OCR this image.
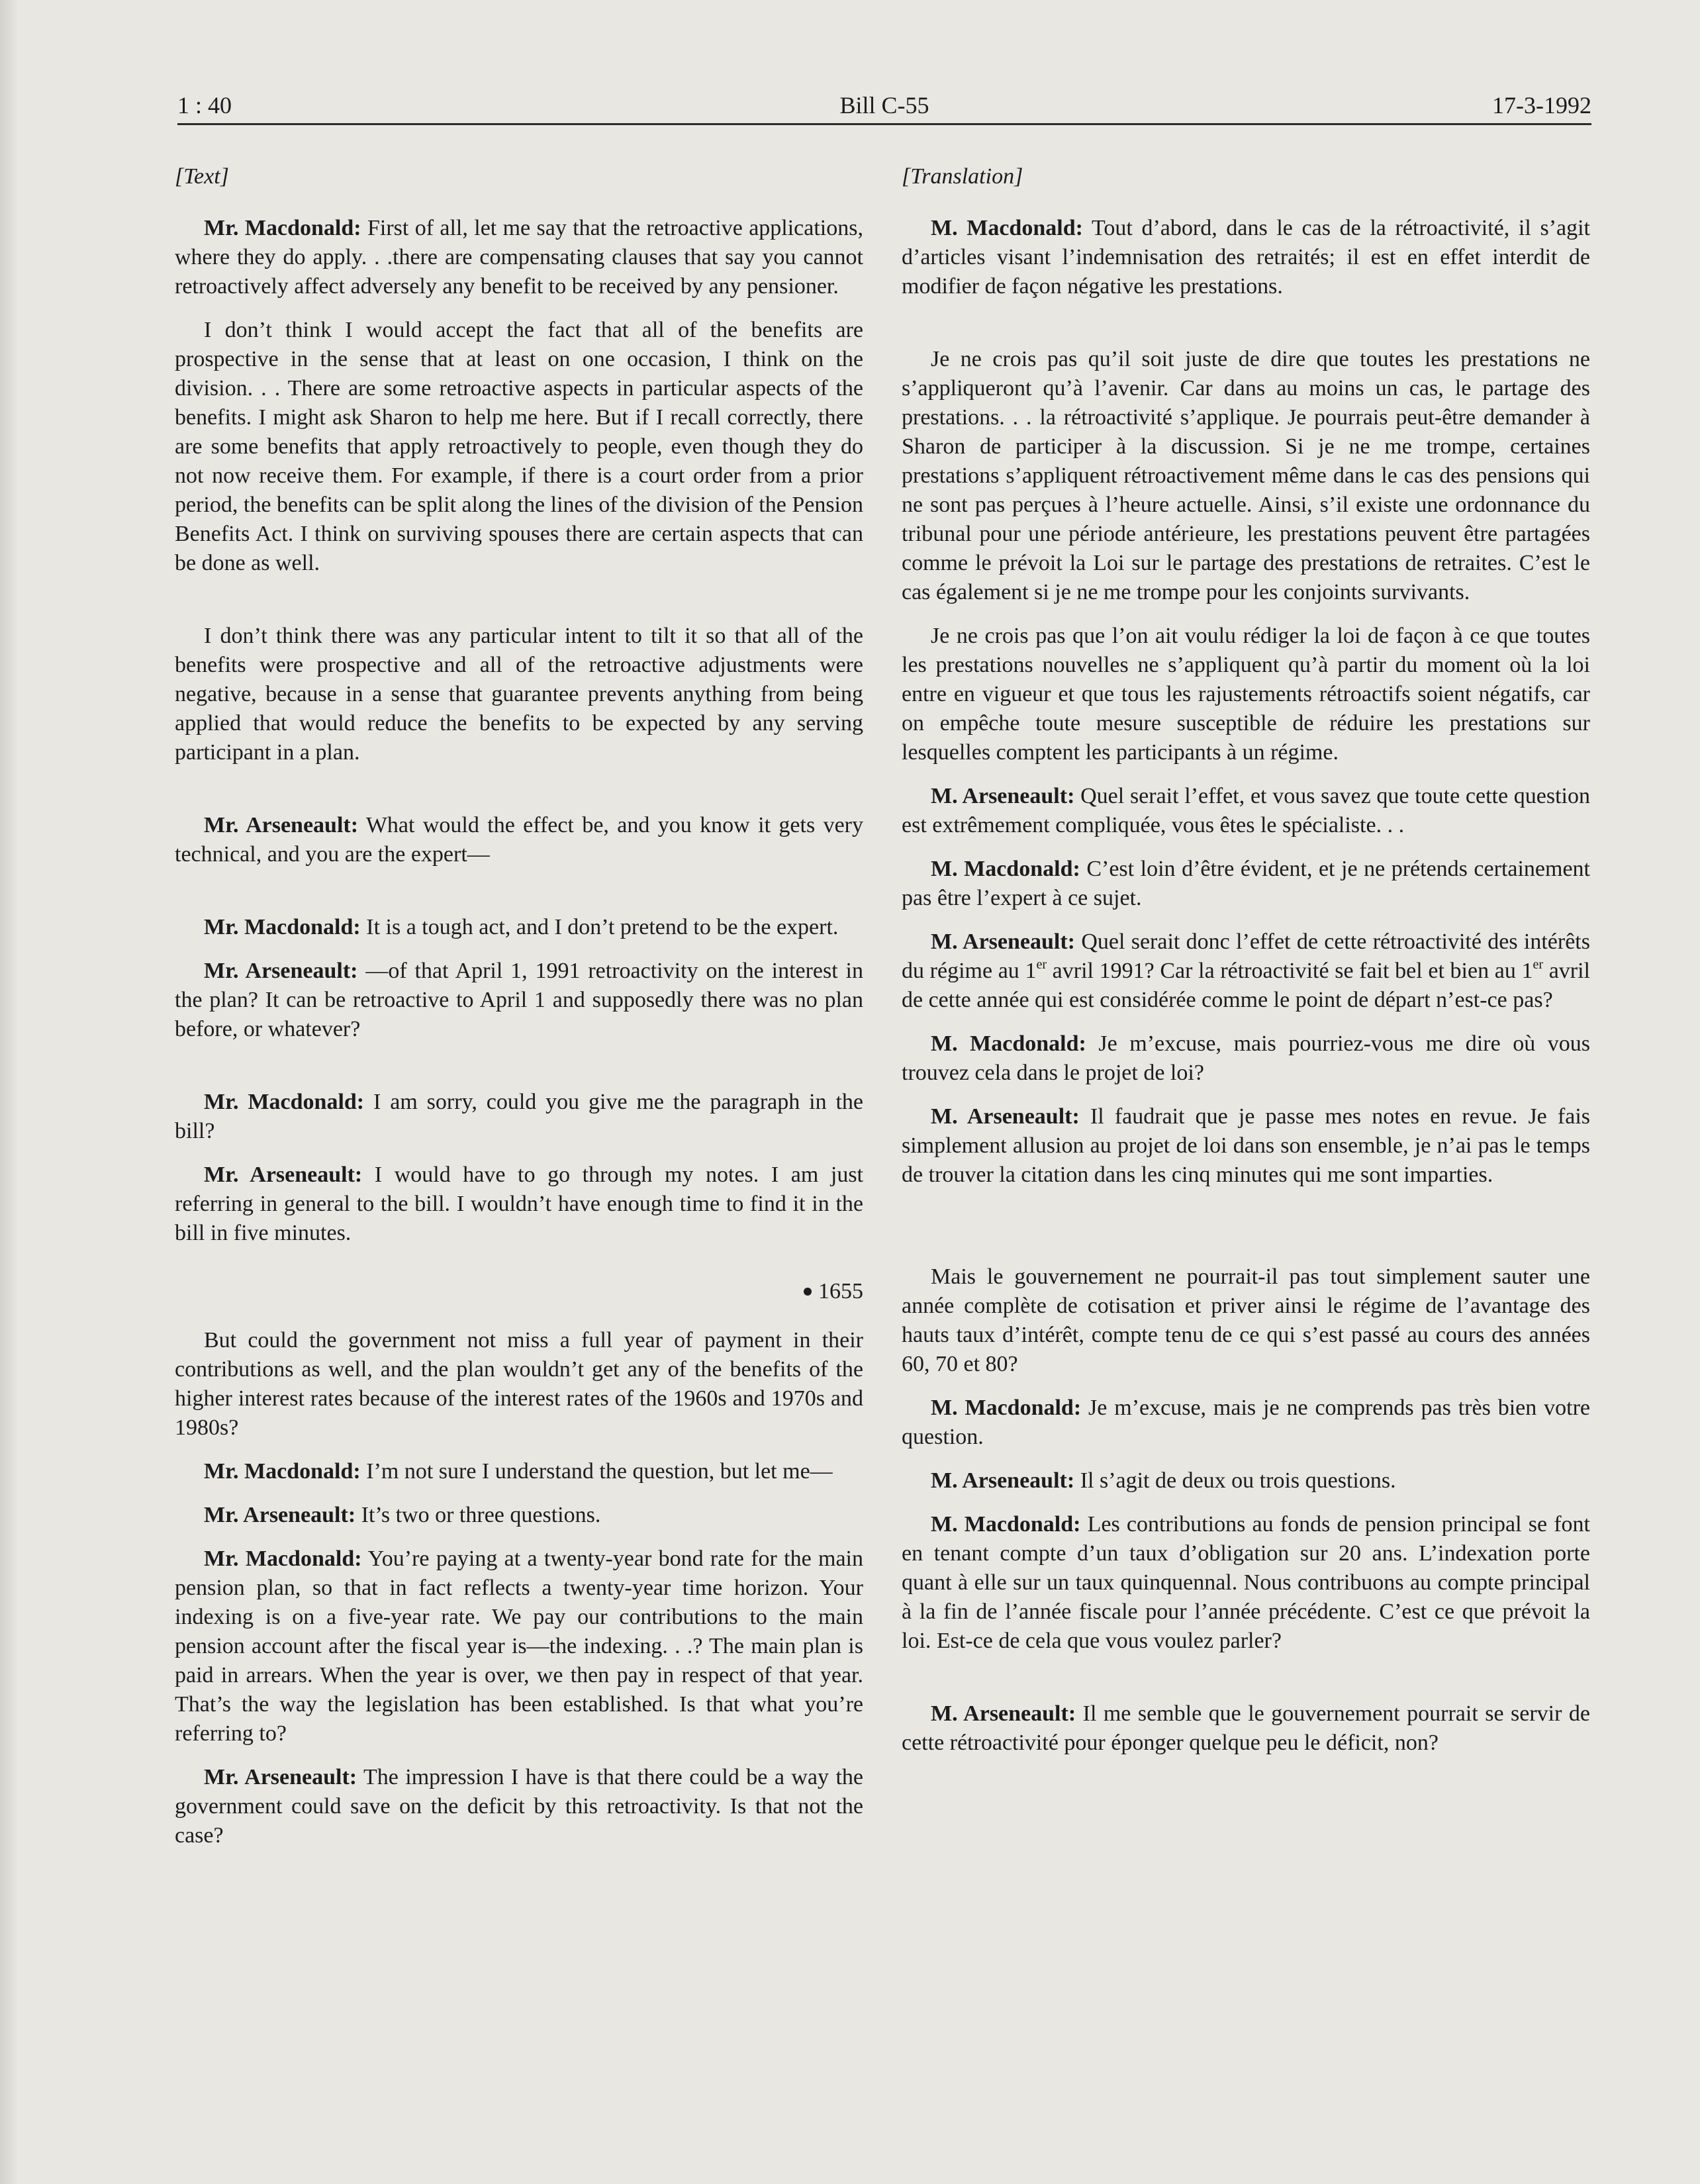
1 : 40	Bill C-55	17-3-1992
[Text]

Mr. Macdonald: First of all, let me say that the retroactive applications, where they do apply. . .there are compensating clauses that say you cannot retroactively affect adversely any benefit to be received by any pensioner.

I don’t think I would accept the fact that all of the benefits are prospective in the sense that at least on one occasion, I think on the division. . . There are some retroactive aspects in particular aspects of the benefits. I might ask Sharon to help me here. But if I recall correctly, there are some benefits that apply retroactively to people, even though they do not now receive them. For example, if there is a court order from a prior period, the benefits can be split along the lines of the division of the Pension Benefits Act. I think on surviving spouses there are certain aspects that can be done as well.

I don’t think there was any particular intent to tilt it so that all of the benefits were prospective and all of the retroactive adjustments were negative, because in a sense that guarantee prevents anything from being applied that would reduce the benefits to be expected by any serving participant in a plan.

Mr. Arseneault: What would the effect be, and you know it gets very technical, and you are the expert—

Mr. Macdonald: It is a tough act, and I don’t pretend to be the expert.

Mr. Arseneault: —of that April 1, 1991 retroactivity on the interest in the plan? It can be retroactive to April 1 and supposedly there was no plan before, or whatever?

Mr. Macdonald: I am sorry, could you give me the paragraph in the bill?

Mr. Arseneault: I would have to go through my notes. I am just referring in general to the bill. I wouldn’t have enough time to find it in the bill in five minutes.

1655

But could the government not miss a full year of payment in their contributions as well, and the plan wouldn’t get any of the benefits of the higher interest rates because of the interest rates of the 1960s and 1970s and 1980s?

Mr. Macdonald: I’m not sure I understand the question, but let me—

Mr. Arseneault: It’s two or three questions.

Mr. Macdonald: You’re paying at a twenty-year bond rate for the main pension plan, so that in fact reflects a twenty-year time horizon. Your indexing is on a five-year rate. We pay our contributions to the main pension account after the fiscal year is—the indexing. . .? The main plan is paid in arrears. When the year is over, we then pay in respect of that year. That’s the way the legislation has been established. Is that what you’re referring to?

Mr. Arseneault: The impression I have is that there could be a way the government could save on the deficit by this retroactivity. Is that not the case?

[Translation]

M. Macdonald: Tout d’abord, dans le cas de la rétroactivité, il s’agit d’articles visant l’indemnisation des retraités; il est en effet interdit de modifier de façon négative les prestations.

Je ne crois pas qu’il soit juste de dire que toutes les prestations ne s’appliqueront qu’à l’avenir. Car dans au moins un cas, le partage des prestations. . . la rétroactivité s’applique. Je pourrais peut-être demander à Sharon de participer à la discussion. Si je ne me trompe, certaines prestations s’appliquent rétroactivement même dans le cas des pensions qui ne sont pas perçues à l’heure actuelle. Ainsi, s’il existe une ordonnance du tribunal pour une période antérieure, les prestations peuvent être partagées comme le prévoit la Loi sur le partage des prestations de retraites. C’est le cas également si je ne me trompe pour les conjoints survivants.

Je ne crois pas que l’on ait voulu rédiger la loi de façon à ce que toutes les prestations nouvelles ne s’appliquent qu’à partir du moment où la loi entre en vigueur et que tous les rajustements rétroactifs soient négatifs, car on empêche toute mesure susceptible de réduire les prestations sur lesquelles comptent les participants à un régime.

M. Arseneault: Quel serait l’effet, et vous savez que toute cette question est extrêmement compliquée, vous êtes le spécialiste. . .

M. Macdonald: C’est loin d’être évident, et je ne prétends certainement pas être l’expert à ce sujet.

M. Arseneault: Quel serait donc l’effet de cette rétroactivité des intérêts du régime au 1er avril 1991? Car la rétroactivité se fait bel et bien au 1er avril de cette année qui est considérée comme le point de départ n’est-ce pas?

M. Macdonald: Je m’excuse, mais pourriez-vous me dire où vous trouvez cela dans le projet de loi?

M. Arseneault: Il faudrait que je passe mes notes en revue. Je fais simplement allusion au projet de loi dans son ensemble, je n’ai pas le temps de trouver la citation dans les cinq minutes qui me sont imparties.

Mais le gouvernement ne pourrait-il pas tout simplement sauter une année complète de cotisation et priver ainsi le régime de l’avantage des hauts taux d’intérêt, compte tenu de ce qui s’est passé au cours des années 60, 70 et 80?

M. Macdonald: Je m’excuse, mais je ne comprends pas très bien votre question.

M. Arseneault: Il s’agit de deux ou trois questions.

M. Macdonald: Les contributions au fonds de pension principal se font en tenant compte d’un taux d’obligation sur 20 ans. L’indexation porte quant à elle sur un taux quinquennal. Nous contribuons au compte principal à la fin de l’année fiscale pour l’année précédente. C’est ce que prévoit la loi. Est-ce de cela que vous voulez parler?

M. Arseneault: Il me semble que le gouvernement pourrait se servir de cette rétroactivité pour éponger quelque peu le déficit, non?
